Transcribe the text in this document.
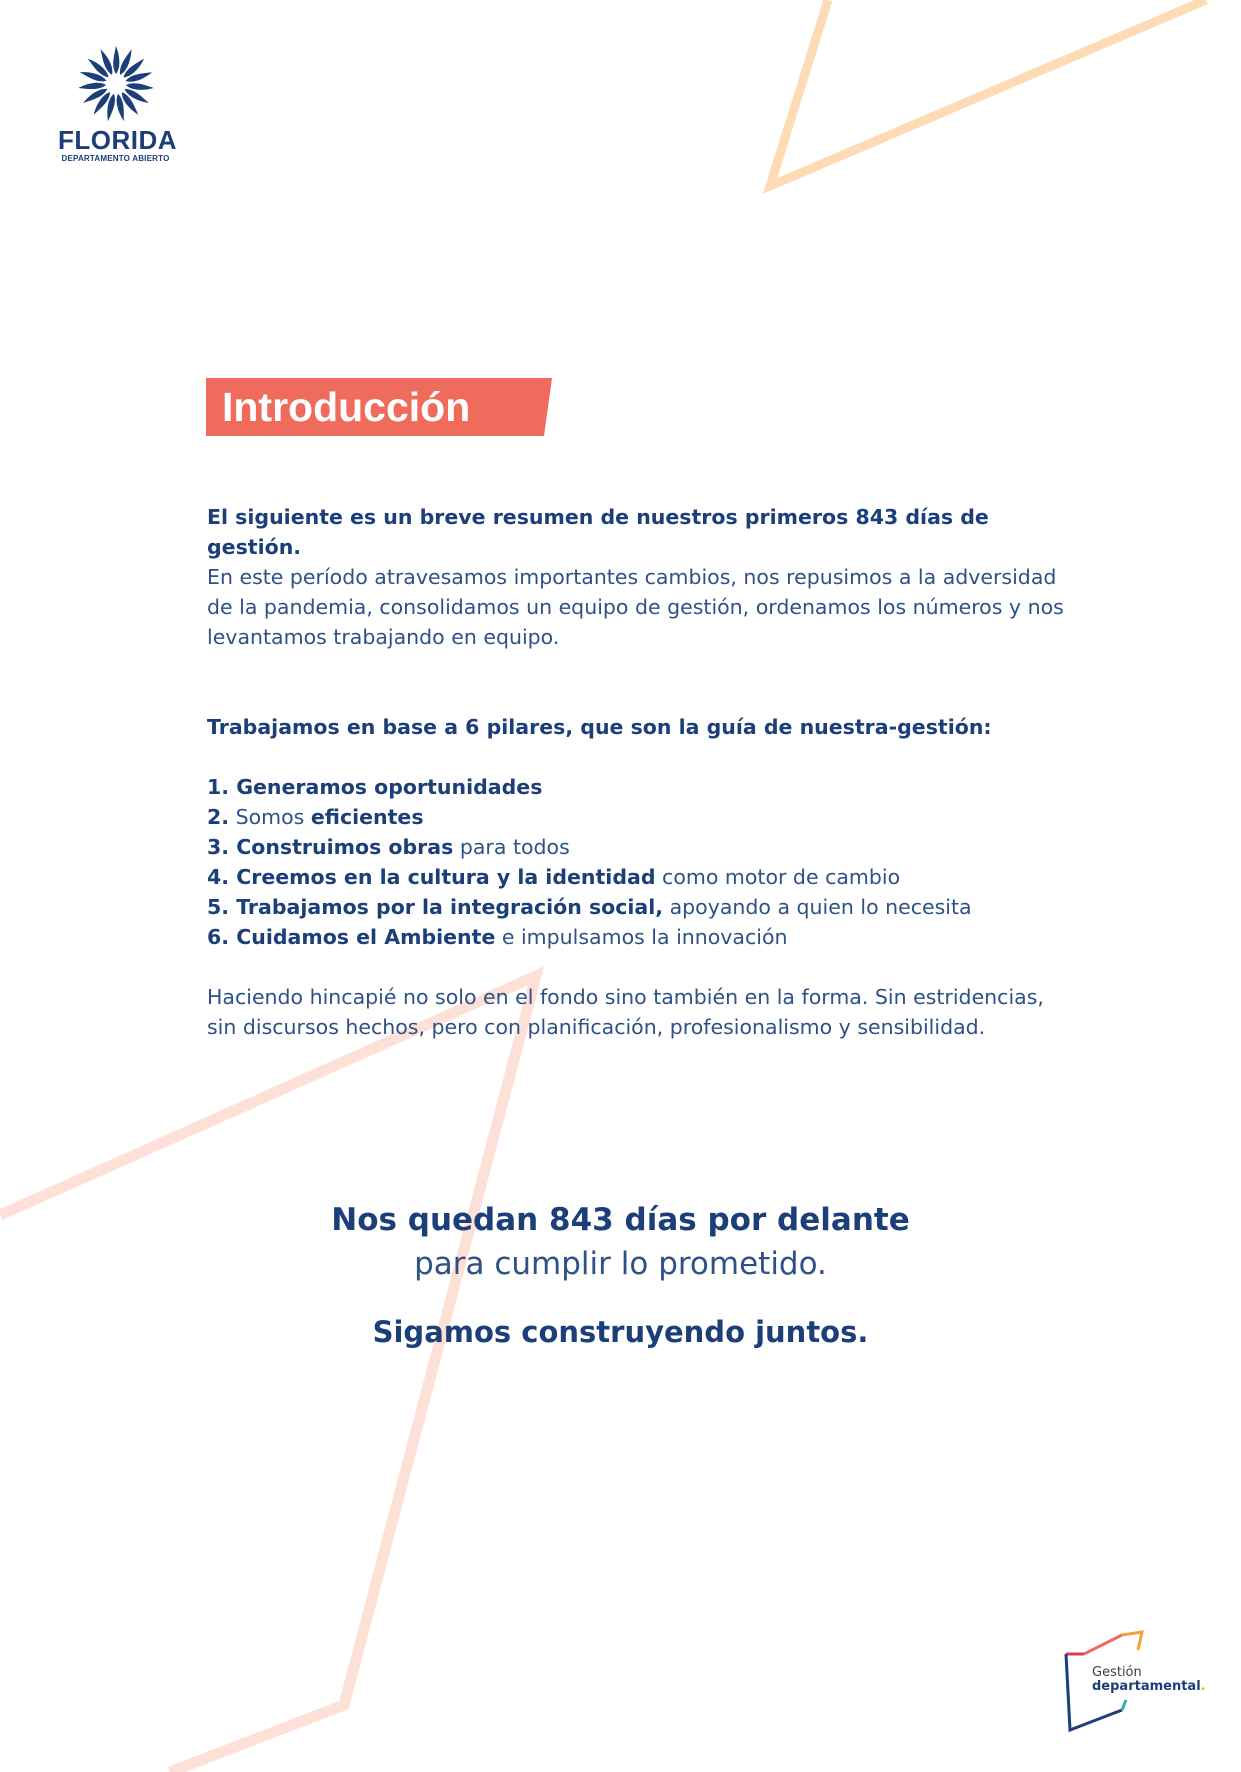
FLORIDA
DEPARTAMENTO ABIERTO
Introducción

El siguiente es un breve resumen de nuestros primeros 843 días de gestión.
En este período atravesamos importantes cambios, nos repusimos a la adversidad de la pandemia, consolidamos un equipo de gestión, ordenamos los números y nos levantamos trabajando en equipo.

Trabajamos en base a 6 pilares, que son la guía de nuestra-gestión:

1. Generamos oportunidades
2. Somos eficientes
3. Construimos obras para todos
4. Creemos en la cultura y la identidad como motor de cambio
5. Trabajamos por la integración social, apoyando a quien lo necesita
6. Cuidamos el Ambiente e impulsamos la innovación

Haciendo hincapié no solo en el fondo sino también en la forma. Sin estridencias, sin discursos hechos, pero con planificación, profesionalismo y sensibilidad.

Nos quedan 843 días por delante
para cumplir lo prometido.
Sigamos construyendo juntos.
Gestión
departamental.
